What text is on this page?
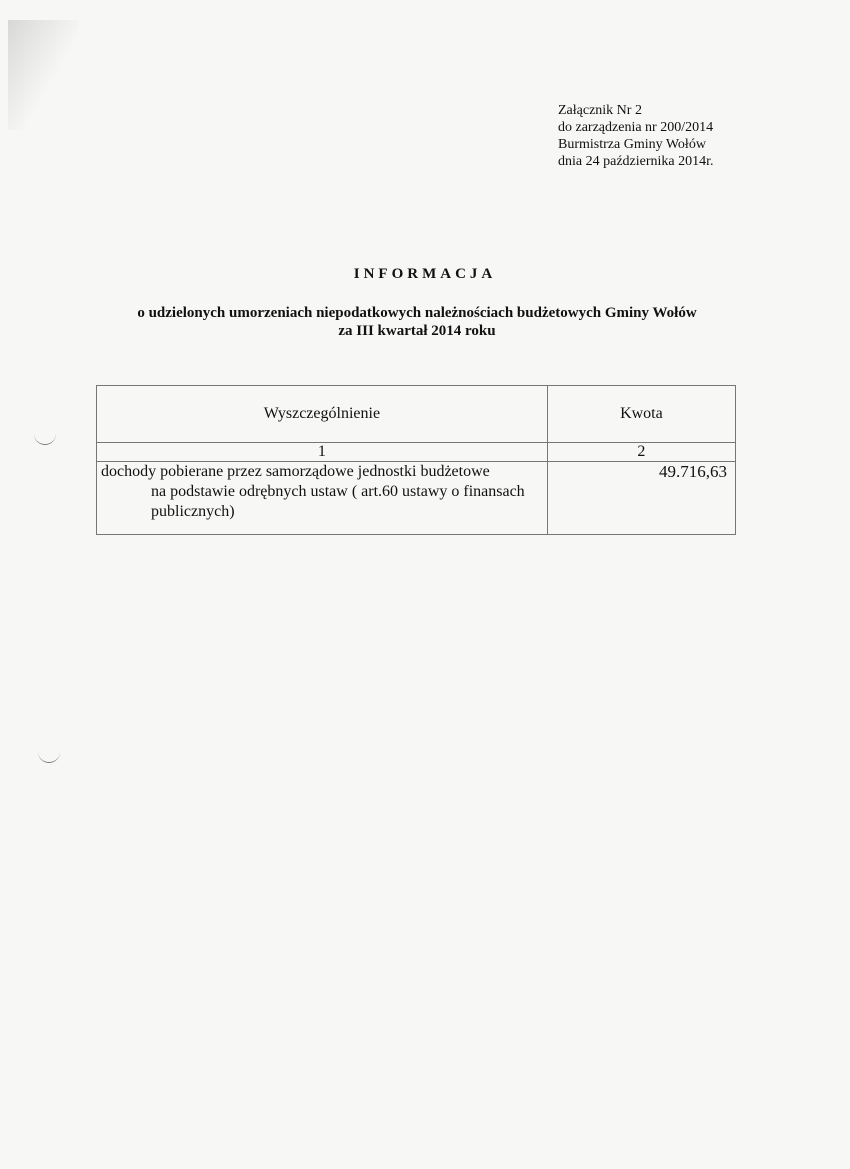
Załącznik Nr 2
do zarządzenia nr 200/2014
Burmistrza Gminy Wołów
dnia 24 października 2014r.
INFORMACJA
o udzielonych umorzeniach niepodatkowych należnościach budżetowych Gminy Wołów
za III kwartał 2014 roku
Wyszczególnienie	Kwota
1	2

dochody pobierane przez samorządowe jednostki budżetowe
na podstawie odrębnych ustaw ( art.60 ustawy o finansach publicznych)	49.716,63
